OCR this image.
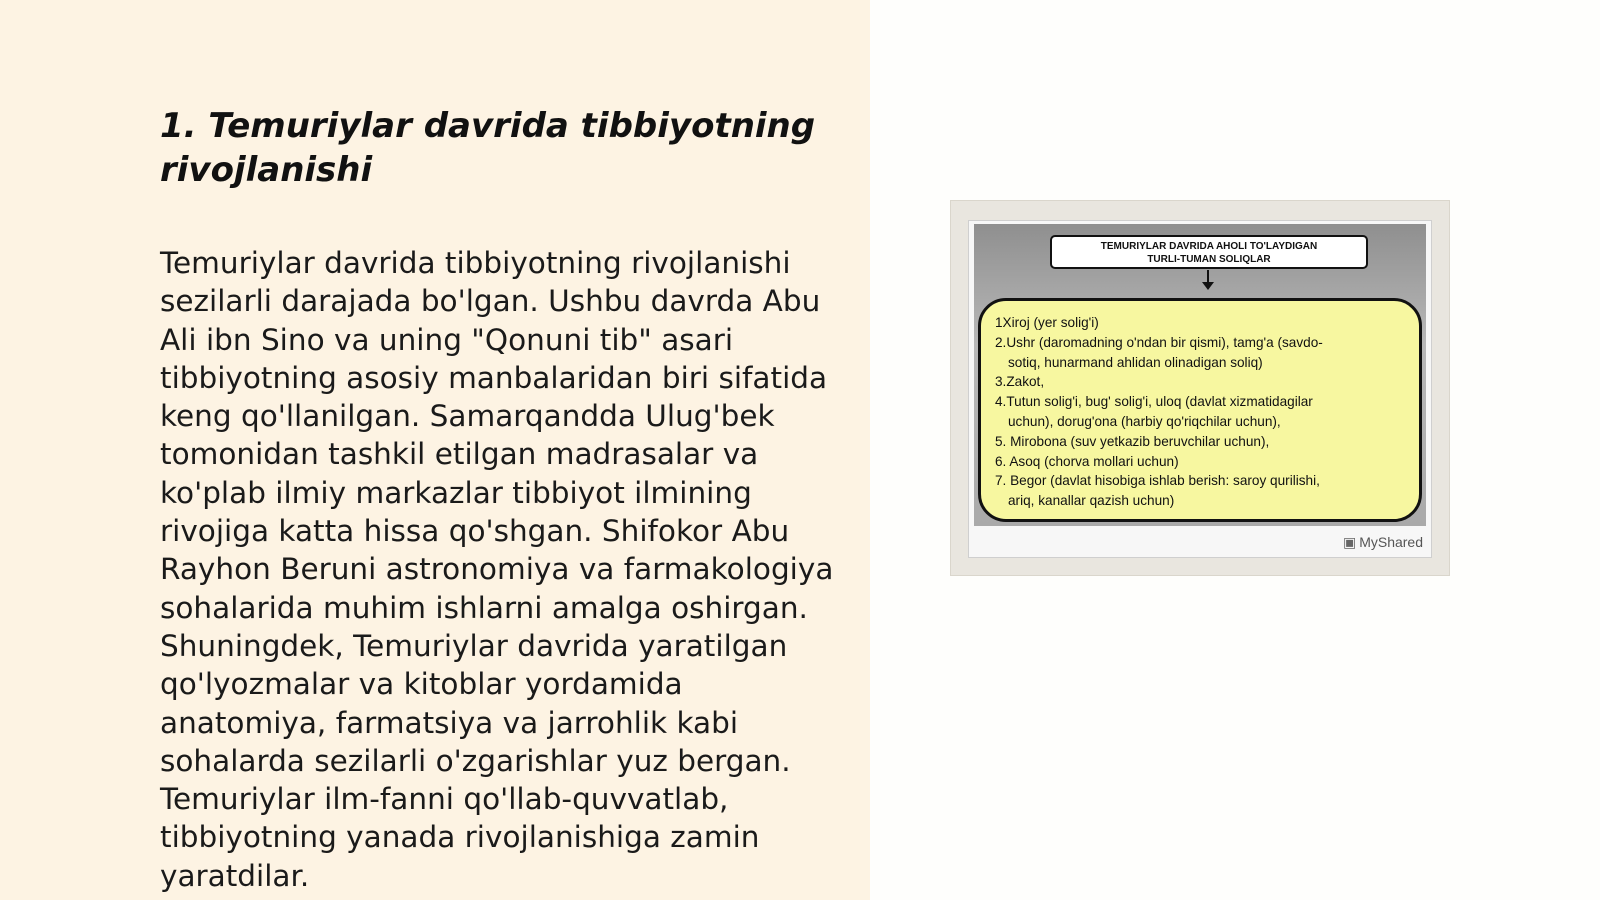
1. Temuriylar davrida tibbiyotning rivojlanishi

Temuriylar davrida tibbiyotning rivojlanishi sezilarli darajada bo'lgan. Ushbu davrda Abu Ali ibn Sino va uning "Qonuni tib" asari tibbiyotning asosiy manbalaridan biri sifatida keng qo'llanilgan. Samarqandda Ulug'bek tomonidan tashkil etilgan madrasalar va ko'plab ilmiy markazlar tibbiyot ilmining rivojiga katta hissa qo'shgan. Shifokor Abu Rayhon Beruni astronomiya va farmakologiya sohalarida muhim ishlarni amalga oshirgan. Shuningdek, Temuriylar davrida yaratilgan qo'lyozmalar va kitoblar yordamida anatomiya, farmatsiya va jarrohlik kabi sohalarda sezilarli o'zgarishlar yuz bergan. Temuriylar ilm-fanni qo'llab-quvvatlab, tibbiyotning yanada rivojlanishiga zamin yaratdilar.

TEMURIYLAR DAVRIDA AHOLI TO'LAYDIGAN
TURLI-TUMAN SOLIQLAR
1Xiroj (yer solig'i)
2.Ushr (daromadning o'ndan bir qismi), tamg'a (savdo-
sotiq, hunarmand ahlidan olinadigan soliq)
3.Zakot,
4.Tutun solig'i, bug' solig'i, uloq (davlat xizmatidagilar
uchun), dorug'ona (harbiy qo'riqchilar uchun),
5. Mirobona (suv yetkazib beruvchilar uchun),
6. Asoq (chorva mollari uchun)
7. Begor (davlat hisobiga ishlab berish: saroy qurilishi,
ariq, kanallar qazish uchun)
▣ MyShared
